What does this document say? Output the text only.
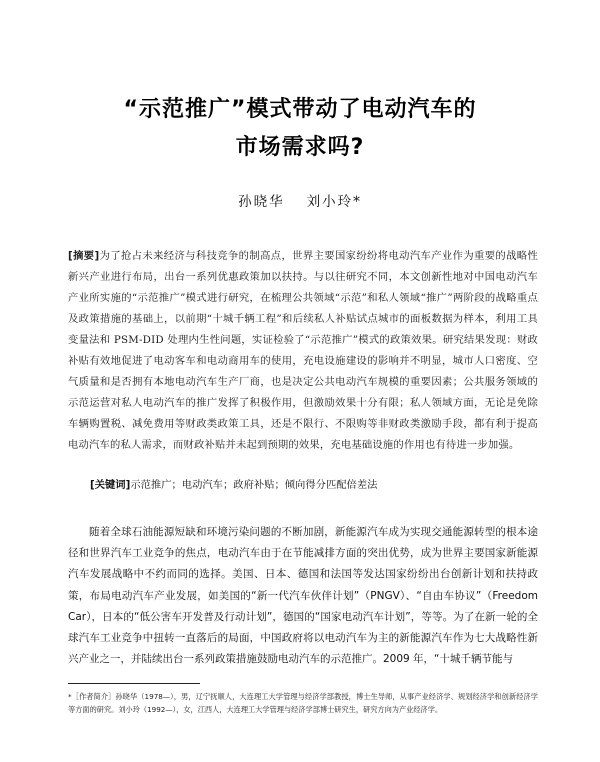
“示范推广”模式带动了电动汽车的
市场需求吗?
孙晓华 刘小玲*
[摘要]为了抢占未来经济与科技竞争的制高点，世界主要国家纷纷将电动汽车产业作为重要的战略性新兴产业进行布局，出台一系列优惠政策加以扶持。与以往研究不同，本文创新性地对中国电动汽车产业所实施的“示范推广”模式进行研究，在梳理公共领域“示范”和私人领域“推广”两阶段的战略重点及政策措施的基础上，以前期“十城千辆工程”和后续私人补贴试点城市的面板数据为样本，利用工具变量法和 PSM-DID 处理内生性问题，实证检验了“示范推广”模式的政策效果。研究结果发现：财政补贴有效地促进了电动客车和电动商用车的使用，充电设施建设的影响并不明显，城市人口密度、空气质量和是否拥有本地电动汽车生产厂商，也是决定公共电动汽车规模的重要因素；公共服务领域的示范运营对私人电动汽车的推广发挥了积极作用，但激励效果十分有限；私人领域方面，无论是免除车辆购置税、减免费用等财政类政策工具，还是不限行、不限购等非财政类激励手段，都有利于提高电动汽车的私人需求，而财政补贴并未起到预期的效果，充电基础设施的作用也有待进一步加强。
[关键词]示范推广；电动汽车；政府补贴；倾向得分匹配倍差法
随着全球石油能源短缺和环境污染问题的不断加剧，新能源汽车成为实现交通能源转型的根本途径和世界汽车工业竞争的焦点，电动汽车由于在节能减排方面的突出优势，成为世界主要国家新能源汽车发展战略中不约而同的选择。美国、日本、德国和法国等发达国家纷纷出台创新计划和扶持政策，布局电动汽车产业发展，如美国的“新一代汽车伙伴计划”（PNGV）、“自由车协议”（Freedom Car），日本的“低公害车开发普及行动计划”，德国的“国家电动汽车计划”，等等。为了在新一轮的全球汽车工业竞争中扭转一直落后的局面，中国政府将以电动汽车为主的新能源汽车作为七大战略性新兴产业之一，并陆续出台一系列政策措施鼓励电动汽车的示范推广。2009 年，“十城千辆节能与
*［作者简介］孙晓华（1978—），男，辽宁抚顺人，大连理工大学管理与经济学部教授，博士生导师，从事产业经济学、规划经济学和创新经济学等方面的研究。刘小玲（1992—），女，江西人，大连理工大学管理与经济学部博士研究生，研究方向为产业经济学。
